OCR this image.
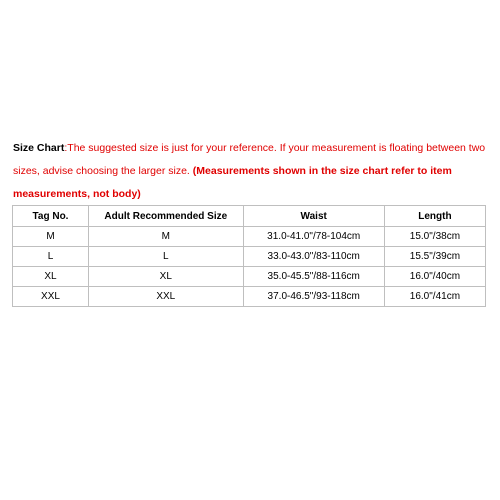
Size Chart:The suggested size is just for your reference. If your measurement is floating between two sizes, advise choosing the larger size. (Measurements shown in the size chart refer to item measurements, not body)
Tag No.	Adult Recommended Size	Waist	Length
M	M	31.0-41.0"/78-104cm	15.0"/38cm
L	L	33.0-43.0"/83-110cm	15.5"/39cm
XL	XL	35.0-45.5"/88-116cm	16.0"/40cm
XXL	XXL	37.0-46.5"/93-118cm	16.0"/41cm
